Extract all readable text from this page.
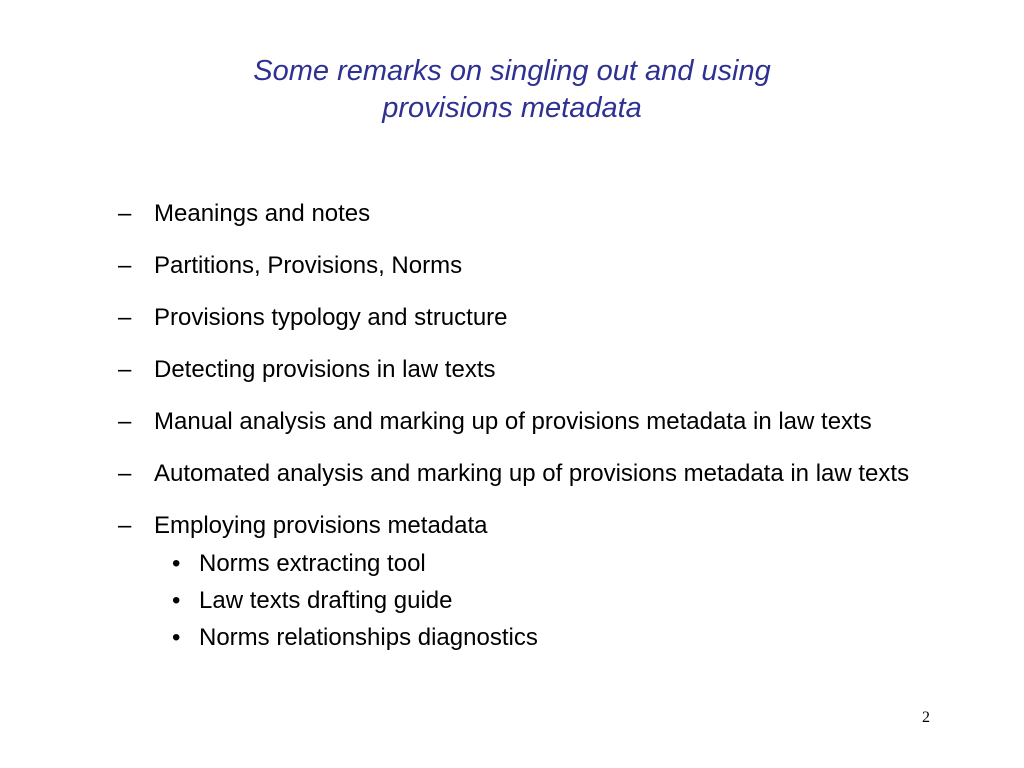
Some remarks on singling out and using
provisions metadata
– Meanings and notes
– Partitions, Provisions, Norms
– Provisions typology and structure
– Detecting provisions in law texts
– Manual analysis and marking up of provisions metadata in law texts
– Automated analysis and marking up of provisions metadata in law texts
– Employing provisions metadata
• Norms extracting tool
• Law texts drafting guide
• Norms relationships diagnostics
2
